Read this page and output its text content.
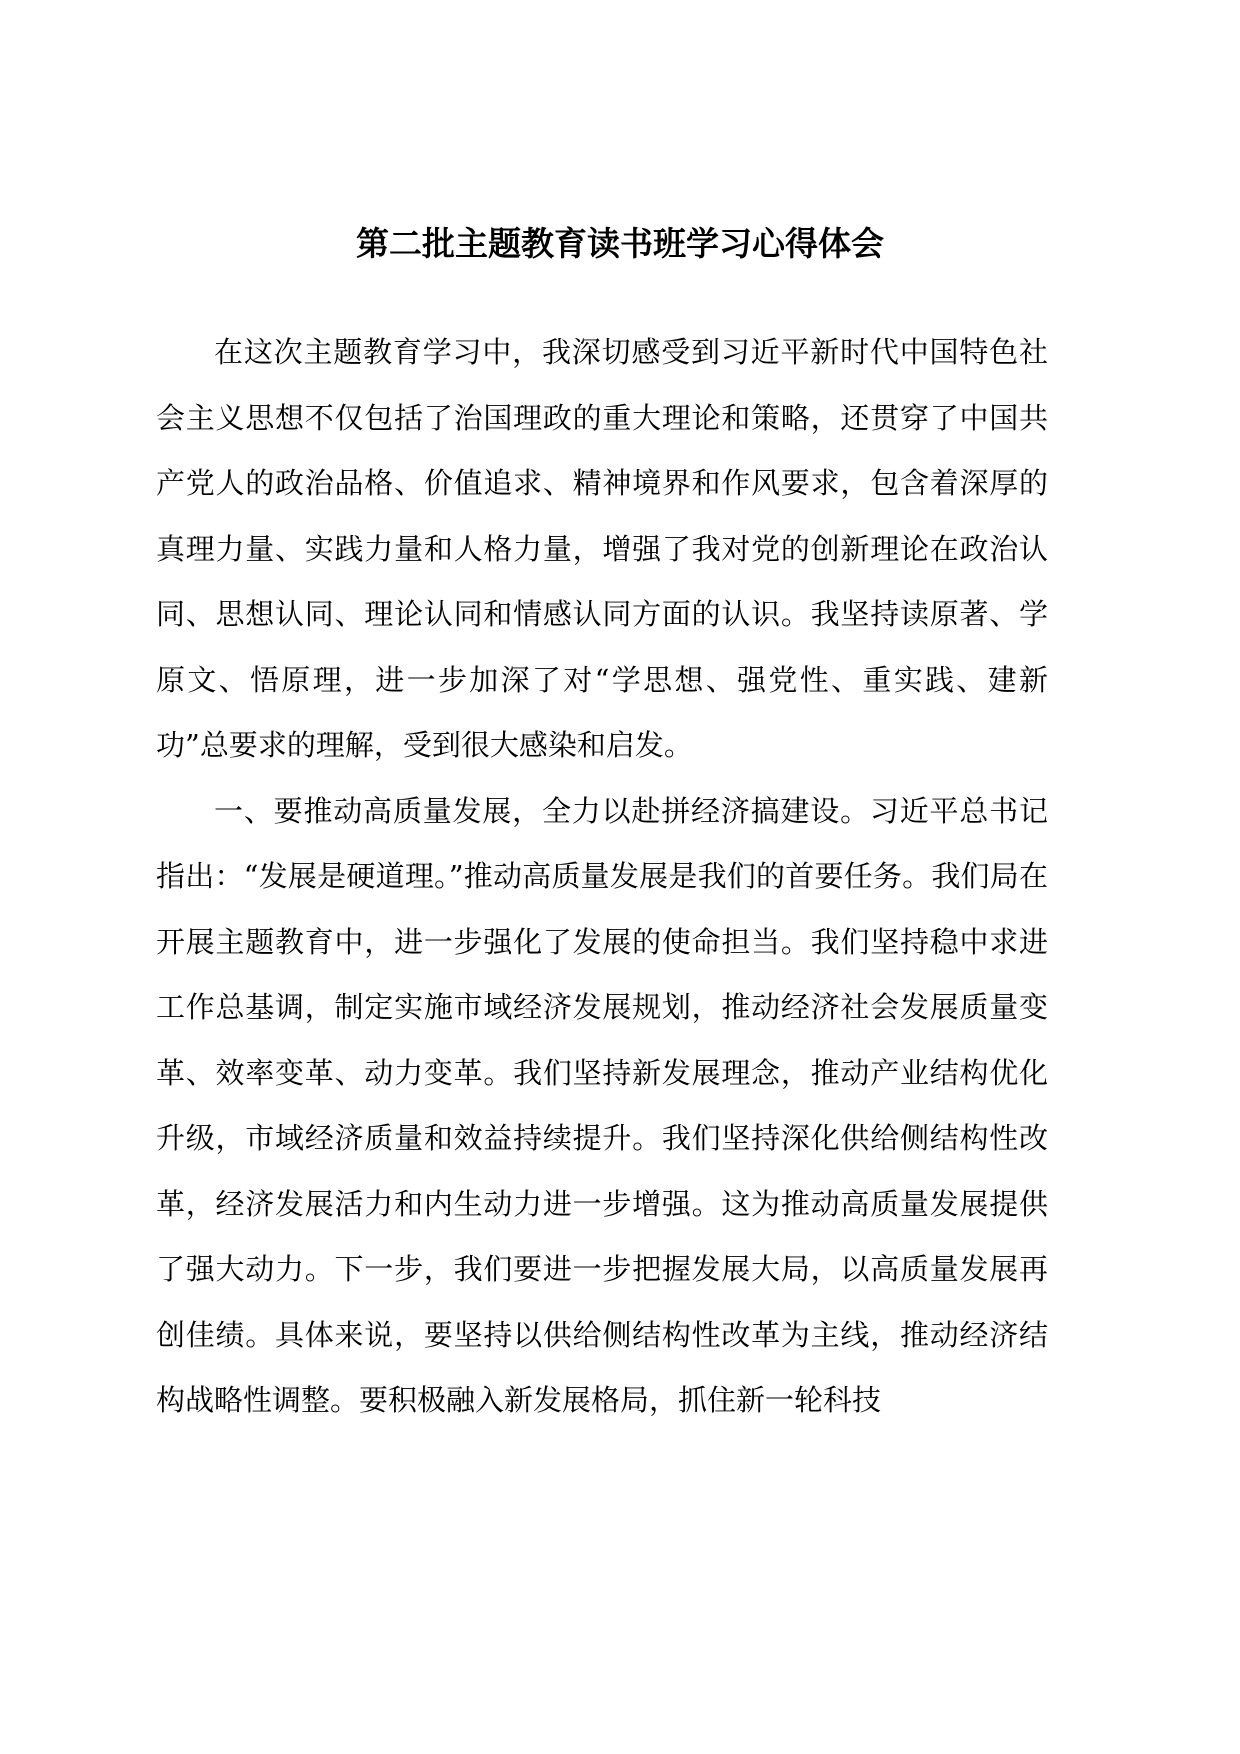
第二批主题教育读书班学习心得体会

在这次主题教育学习中，我深切感受到习近平新时代中国特色社会主义思想不仅包括了治国理政的重大理论和策略，还贯穿了中国共产党人的政治品格、价值追求、精神境界和作风要求，包含着深厚的真理力量、实践力量和人格力量，增强了我对党的创新理论在政治认同、思想认同、理论认同和情感认同方面的认识。我坚持读原著、学原文、悟原理，进一步加深了对“学思想、强党性、重实践、建新功”总要求的理解，受到很大感染和启发。

一、要推动高质量发展，全力以赴拼经济搞建设。习近平总书记指出：“发展是硬道理。”推动高质量发展是我们的首要任务。我们局在开展主题教育中，进一步强化了发展的使命担当。我们坚持稳中求进工作总基调，制定实施市域经济发展规划，推动经济社会发展质量变革、效率变革、动力变革。我们坚持新发展理念，推动产业结构优化升级，市域经济质量和效益持续提升。我们坚持深化供给侧结构性改革，经济发展活力和内生动力进一步增强。这为推动高质量发展提供了强大动力。下一步，我们要进一步把握发展大局，以高质量发展再创佳绩。具体来说，要坚持以供给侧结构性改革为主线，推动经济结构战略性调整。要积极融入新发展格局，抓住新一轮科技
